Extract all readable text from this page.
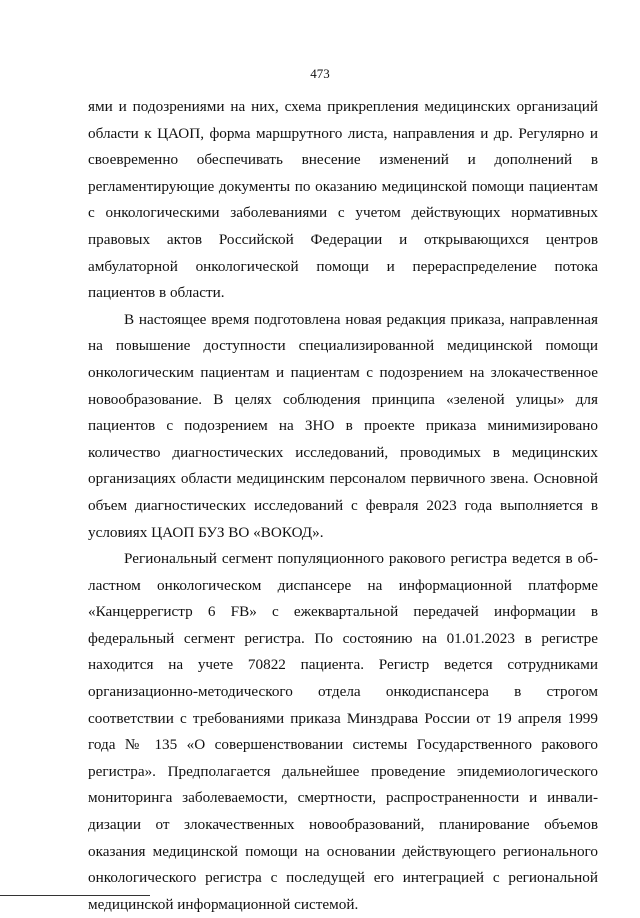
473

ями и подозрениями на них, схема прикрепления медицинских организаций области к ЦАОП, форма маршрутного листа, направления и др. Регулярно и своевременно обеспечивать внесение изменений и дополнений в регламентирующие документы по оказанию медицинской помощи пациентам с онкологическими заболеваниями с учетом действующих нормативных правовых актов Российской Федерации и открывающихся центров амбулаторной онкологической помощи и перераспределение потока пациентов в области.

В настоящее время подготовлена новая редакция приказа, направленная на повышение доступности специализированной медицинской помощи онкологическим пациентам и пациентам с подозрением на злокачественное новообразование. В целях соблюдения принципа «зеленой улицы» для пациентов с подозрением на ЗНО в проекте приказа минимизировано количество диагностических исследований, проводимых в медицинских организациях области медицинским персоналом первичного звена. Основной объем диагностических исследований с февраля 2023 года выполняется в условиях ЦАОП БУЗ ВО «ВОКОД».

Региональный сегмент популяционного ракового регистра ведется в областном онкологическом диспансере на информационной платформе «Канцеррегистр 6 FB» с ежеквартальной передачей информации в федеральный сегмент регистра. По состоянию на 01.01.2023 в регистре находится на учете 70822 пациента. Регистр ведется сотрудниками организационно-методического отдела онкодиспансера в строгом соответствии с требованиями приказа Минздрава России от 19 апреля 1999 года № 135 «О совершенствовании системы Государственного ракового регистра». Предполагается дальнейшее проведение эпидемиологического мониторинга заболеваемости, смертности, распространенности и инвалидизации от злокачественных новообразований, планирование объемов оказания медицинской помощи на основании действующего регионального онкологического регистра с последущей его интеграцией с региональной медицинской информационной системой.
